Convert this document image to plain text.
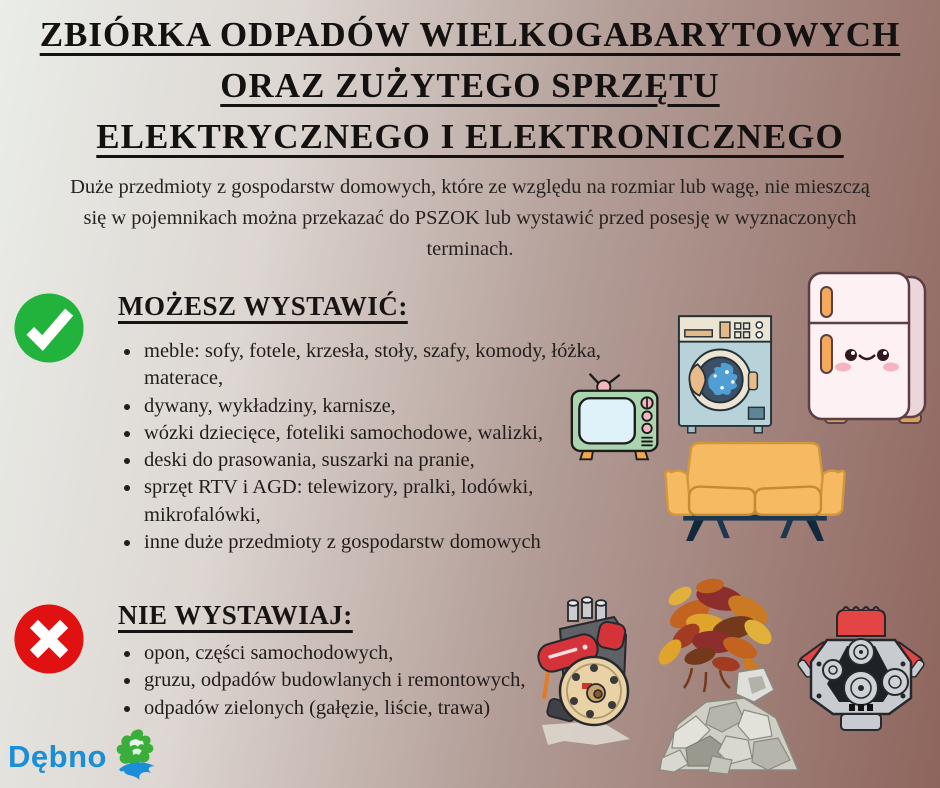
ZBIÓRKA ODPADÓW WIELKOGABARYTOWYCH
ORAZ ZUŻYTEGO SPRZĘTU
ELEKTRYCZNEGO I ELEKTRONICZNEGO

Duże przedmioty z gospodarstw domowych, które ze względu na rozmiar lub wagę, nie mieszczą się w pojemnikach można przekazać do PSZOK lub wystawić przed posesję w wyznaczonych terminach.

MOŻESZ WYSTAWIĆ:
• meble: sofy, fotele, krzesła, stoły, szafy, komody, łóżka, materace,
• dywany, wykładziny, karnisze,
• wózki dziecięce, foteliki samochodowe, walizki,
• deski do prasowania, suszarki na pranie,
• sprzęt RTV i AGD: telewizory, pralki, lodówki, mikrofalówki,
• inne duże przedmioty z gospodarstw domowych
NIE WYSTAWIAJ:
• opon, części samochodowych,
• gruzu, odpadów budowlanych i remontowych,
• odpadów zielonych (gałęzie, liście, trawa)
Dębno
